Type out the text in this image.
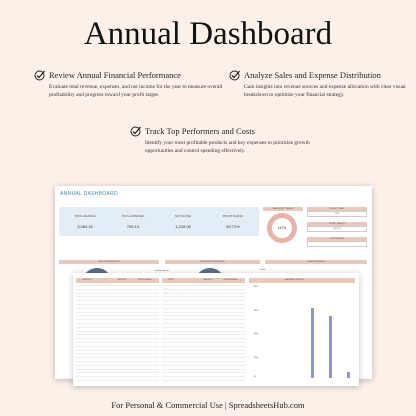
Annual Dashboard
Review Annual Financial Performance
Evaluate total revenue, expenses, and net income for the year to measure overall profitability and progress toward your profit target.
Analyze Sales and Expense Distribution
Gain insights into revenue sources and expense allocation with clear visual breakdown to optimize your financial strategy.
Track Top Performers and Costs
Identify your most profitable products and key expenses to prioritize growth opportunities and control spending effectively.
ANNUAL DASHBOARD
TOTAL REVENUE
3,084.16
TOTAL EXPENSES
756.10
NET INCOME
1,228.06
PROFIT MARGIN
63.72%
YEAR PROFIT TARGET
112%
SELECT YEAR
2025
PROFIT TARGET
$1097.8
COST TARGET
SALES DISTRIBUTION	EXPENSE DISTRIBUTION	SALES OVERVIEW
Postage and fees	Labels
PRODUCT	AMOUNT	PERCENTAGE	COST	AMOUNT	PERCENTAGE	EARNINGS REPORT
Inventory
Packaging
Postage and fees
$800
$600
$400
$200
$0
For Personal & Commercial Use | SpreadsheetsHub.com
